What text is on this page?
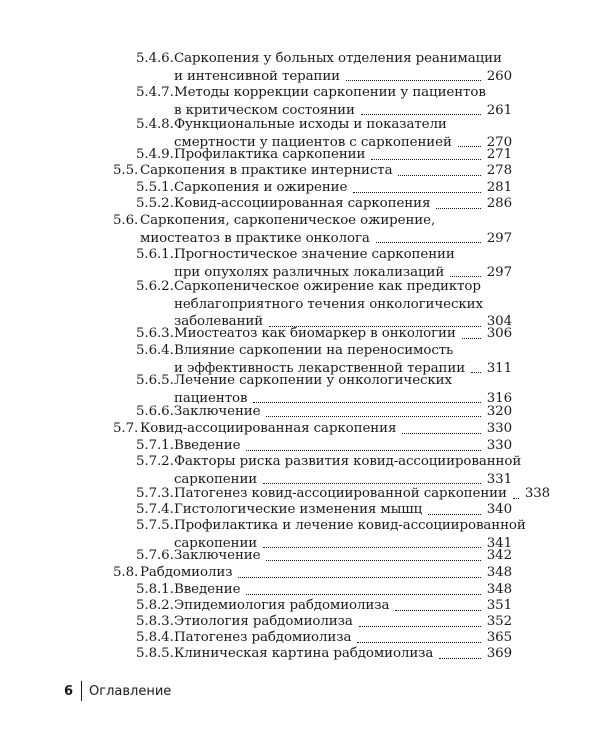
5.4.6. Саркопения у больных отделения реанимации
и интенсивной терапии	260
5.4.7. Методы коррекции саркопении у пациентов
в критическом состоянии	261
5.4.8. Функциональные исходы и показатели
смертности у пациентов с саркопенией	270
5.4.9. Профилактика саркопении	271
5.5. Саркопения в практике интерниста	278
5.5.1. Саркопения и ожирение	281
5.5.2. Ковид-ассоциированная саркопения	286
5.6. Саркопения, саркопеническое ожирение,
миостеатоз в практике онколога	297
5.6.1. Прогностическое значение саркопении
при опухолях различных локализаций	297
5.6.2. Саркопеническое ожирение как предиктор
неблагоприятного течения онкологических
заболеваний	304
5.6.3. Миостеатоз как биомаркер в онкологии 306
5.6.4. Влияние саркопении на переносимость
и эффективность лекарственной терапии 311
5.6.5. Лечение саркопении у онкологических
пациентов	316
5.6.6. Заключение	320
5.7. Ковид-ассоциированная саркопения	330
5.7.1. Введение	330
5.7.2. Факторы риска развития ковид-ассоциированной
саркопении	331
5.7.3. Патогенез ковид-ассоциированной саркопении 338
5.7.4. Гистологические изменения мышц	340
5.7.5. Профилактика и лечение ковид-ассоциированной
саркопении	341
5.7.6. Заключение	342
5.8. Рабдомиолиз	348
5.8.1. Введение	348
5.8.2. Эпидемиология рабдомиолиза	351
5.8.3. Этиология рабдомиолиза	352
5.8.4. Патогенез рабдомиолиза	365
5.8.5. Клиническая картина рабдомиолиза	369
6	Оглавление
